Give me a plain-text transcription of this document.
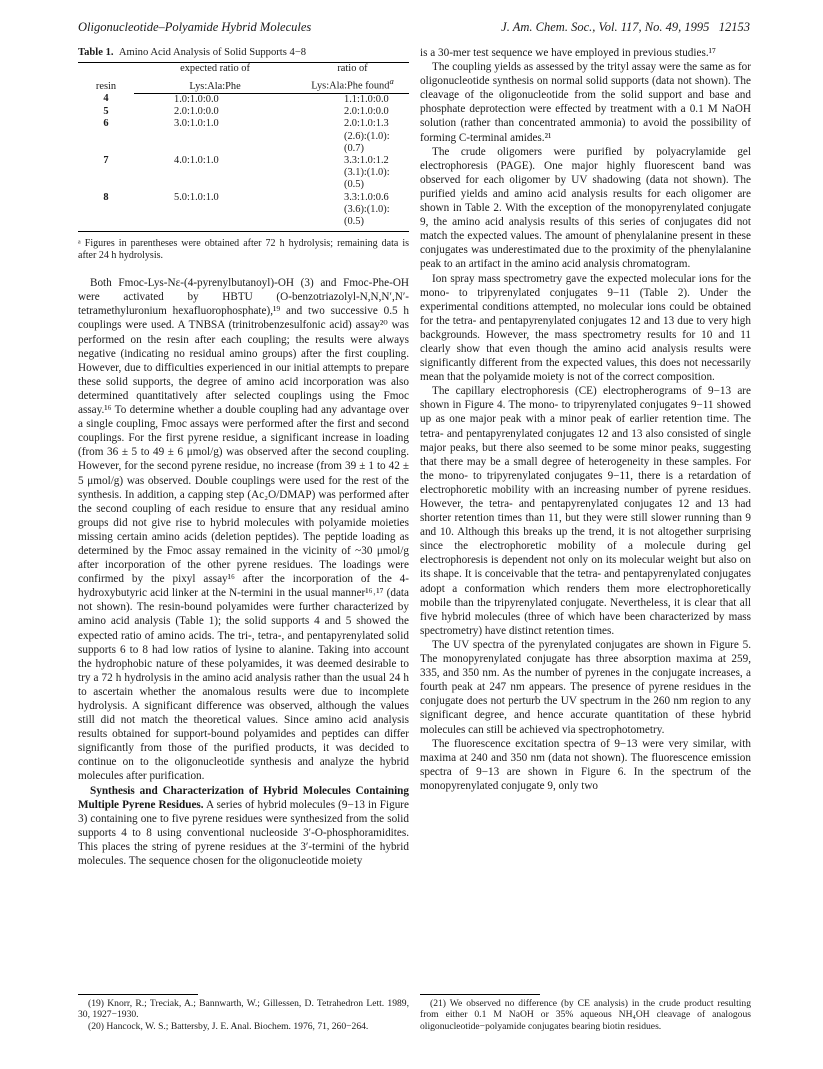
Oligonucleotide–Polyamide Hybrid Molecules	J. Am. Chem. Soc., Vol. 117, No. 49, 1995 12153

Table 1. Amino Acid Analysis of Solid Supports 4−8

resin	expected ratio of	ratio of
	Lys:Ala:Phe	Lys:Ala:Phe found$^a$
4	1.0:1.0:0.0	1.1:1.0:0.0
5	2.0:1.0:0.0	2.0:1.0:0.0
6	3.0:1.0:1.0	2.0:1.0:1.3
		(2.6):(1.0):(0.7)
7	4.0:1.0:1.0	3.3:1.0:1.2
		(3.1):(1.0):(0.5)
8	5.0:1.0:1.0	3.3:1.0:0.6
		(3.6):(1.0):(0.5)
ᵃ Figures in parentheses were obtained after 72 h hydrolysis; remaining data is after 24 h hydrolysis.

Both Fmoc-Lys-Nε-(4-pyrenylbutanoyl)-OH (3) and Fmoc-Phe-OH were activated by HBTU (O-benzotriazolyl-N,N,N′,N′-tetramethyluronium hexafluorophosphate),¹⁹ and two successive 0.5 h couplings were used. A TNBSA (trinitrobenzesulfonic acid) assay²⁰ was performed on the resin after each coupling; the results were always negative (indicating no residual amino groups) after the first coupling. However, due to difficulties experienced in our initial attempts to prepare these solid supports, the degree of amino acid incorporation was also determined quantitatively after selected couplings using the Fmoc assay.¹⁶ To determine whether a double coupling had any advantage over a single coupling, Fmoc assays were performed after the first and second couplings. For the first pyrene residue, a significant increase in loading (from 36 ± 5 to 49 ± 6 μmol/g) was observed after the second coupling. However, for the second pyrene residue, no increase (from 39 ± 1 to 42 ± 5 μmol/g) was observed. Double couplings were used for the rest of the synthesis. In addition, a capping step (Ac₂O/DMAP) was performed after the second coupling of each residue to ensure that any residual amino groups did not give rise to hybrid molecules with polyamide moieties missing certain amino acids (deletion peptides). The peptide loading as determined by the Fmoc assay remained in the vicinity of ~30 μmol/g after incorporation of the other pyrene residues. The loadings were confirmed by the pixyl assay¹⁶ after the incorporation of the 4-hydroxybutyric acid linker at the N-termini in the usual manner¹⁶˒¹⁷ (data not shown). The resin-bound polyamides were further characterized by amino acid analysis (Table 1); the solid supports 4 and 5 showed the expected ratio of amino acids. The tri-, tetra-, and pentapyrenylated solid supports 6 to 8 had low ratios of lysine to alanine. Taking into account the hydrophobic nature of these polyamides, it was deemed desirable to try a 72 h hydrolysis in the amino acid analysis rather than the usual 24 h to ascertain whether the anomalous results were due to incomplete hydrolysis. A significant difference was observed, although the values still did not match the theoretical values. Since amino acid analysis results obtained for support-bound polyamides and peptides can differ significantly from those of the purified products, it was decided to continue on to the oligonucleotide synthesis and analyze the hybrid molecules after purification.

Synthesis and Characterization of Hybrid Molecules Containing Multiple Pyrene Residues. A series of hybrid molecules (9−13 in Figure 3) containing one to five pyrene residues were synthesized from the solid supports 4 to 8 using conventional nucleoside 3′-O-phosphoramidites. This places the string of pyrene residues at the 3′-termini of the hybrid molecules. The sequence chosen for the oligonucleotide moiety

is a 30-mer test sequence we have employed in previous studies.¹⁷

The coupling yields as assessed by the trityl assay were the same as for oligonucleotide synthesis on normal solid supports (data not shown). The cleavage of the oligonucleotide from the solid support and base and phosphate deprotection were effected by treatment with a 0.1 M NaOH solution (rather than concentrated ammonia) to avoid the possibility of forming C-terminal amides.²¹

The crude oligomers were purified by polyacrylamide gel electrophoresis (PAGE). One major highly fluorescent band was observed for each oligomer by UV shadowing (data not shown). The purified yields and amino acid analysis results for each oligomer are shown in Table 2. With the exception of the monopyrenylated conjugate 9, the amino acid analysis results of this series of conjugates did not match the expected values. The amount of phenylalanine present in these conjugates was underestimated due to the proximity of the phenylalanine peak to an artifact in the amino acid analysis chromatogram.

Ion spray mass spectrometry gave the expected molecular ions for the mono- to tripyrenylated conjugates 9−11 (Table 2). Under the experimental conditions attempted, no molecular ions could be obtained for the tetra- and pentapyrenylated conjugates 12 and 13 due to very high backgrounds. However, the mass spectrometry results for 10 and 11 clearly show that even though the amino acid analysis results were significantly different from the expected values, this does not necessarily mean that the polyamide moiety is not of the correct composition.

The capillary electrophoresis (CE) electropherograms of 9−13 are shown in Figure 4. The mono- to tripyrenylated conjugates 9−11 showed up as one major peak with a minor peak of earlier retention time. The tetra- and pentapyrenylated conjugates 12 and 13 also consisted of single major peaks, but there also seemed to be some minor peaks, suggesting that there may be a small degree of heterogeneity in these samples. For the mono- to tripyrenylated conjugates 9−11, there is a retardation of electrophoretic mobility with an increasing number of pyrene residues. However, the tetra- and pentapyrenylated conjugates 12 and 13 had shorter retention times than 11, but they were still slower running than 9 and 10. Although this breaks up the trend, it is not altogether surprising since the electrophoretic mobility of a molecule during gel electrophoresis is dependent not only on its molecular weight but also on its shape. It is conceivable that the tetra- and pentapyrenylated conjugates adopt a conformation which renders them more electrophoretically mobile than the tripyrenylated conjugate. Nevertheless, it is clear that all five hybrid molecules (three of which have been characterized by mass spectrometry) have distinct retention times.

The UV spectra of the pyrenylated conjugates are shown in Figure 5. The monopyrenylated conjugate has three absorption maxima at 259, 335, and 350 nm. As the number of pyrenes in the conjugate increases, a fourth peak at 247 nm appears. The presence of pyrene residues in the conjugate does not perturb the UV spectrum in the 260 nm region to any significant degree, and hence accurate quantitation of these hybrid molecules can still be achieved via spectrophotometry.

The fluorescence excitation spectra of 9−13 were very similar, with maxima at 240 and 350 nm (data not shown). The fluorescence emission spectra of 9−13 are shown in Figure 6. In the spectrum of the monopyrenylated conjugate 9, only two

(19) Knorr, R.; Treciak, A.; Bannwarth, W.; Gillessen, D. Tetrahedron Lett. 1989, 30, 1927−1930.

(20) Hancock, W. S.; Battersby, J. E. Anal. Biochem. 1976, 71, 260−264.

(21) We observed no difference (by CE analysis) in the crude product resulting from either 0.1 M NaOH or 35% aqueous NH₄OH cleavage of analogous oligonucleotide−polyamide conjugates bearing biotin residues.
